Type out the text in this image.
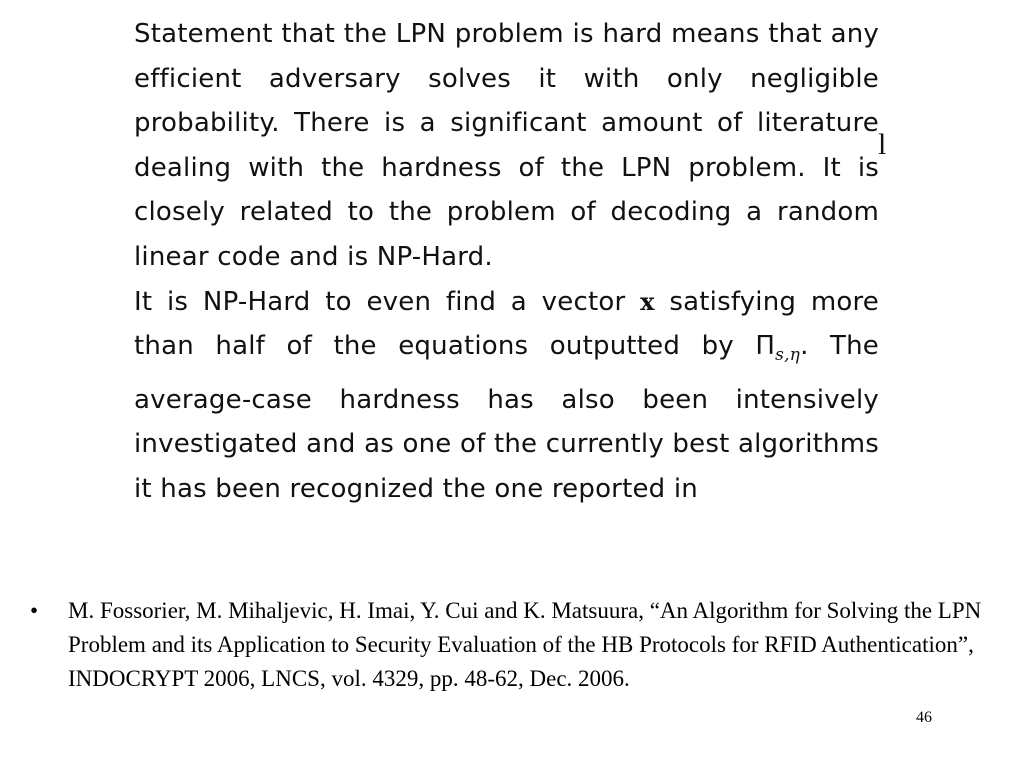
Statement that the LPN problem is hard means that any efficient adversary solves it with only negligible probability. There is a significant amount of literature dealing with the hardness of the LPN problem. It is closely related to the problem of decoding a random linear code and is NP-Hard.

It is NP-Hard to even find a vector x satisfying more than half of the equations outputted by $\Pi_{s,\eta}$. The average-case hardness has also been intensively investigated and as one of the currently best algorithms it has been recognized the one reported in

l
• M. Fossorier, M. Mihaljevic, H. Imai, Y. Cui and K. Matsuura, “An Algorithm for Solving the LPN Problem and its Application to Security Evaluation of the HB Protocols for RFID Authentication”, INDOCRYPT 2006, LNCS, vol. 4329, pp. 48-62, Dec. 2006.
46
